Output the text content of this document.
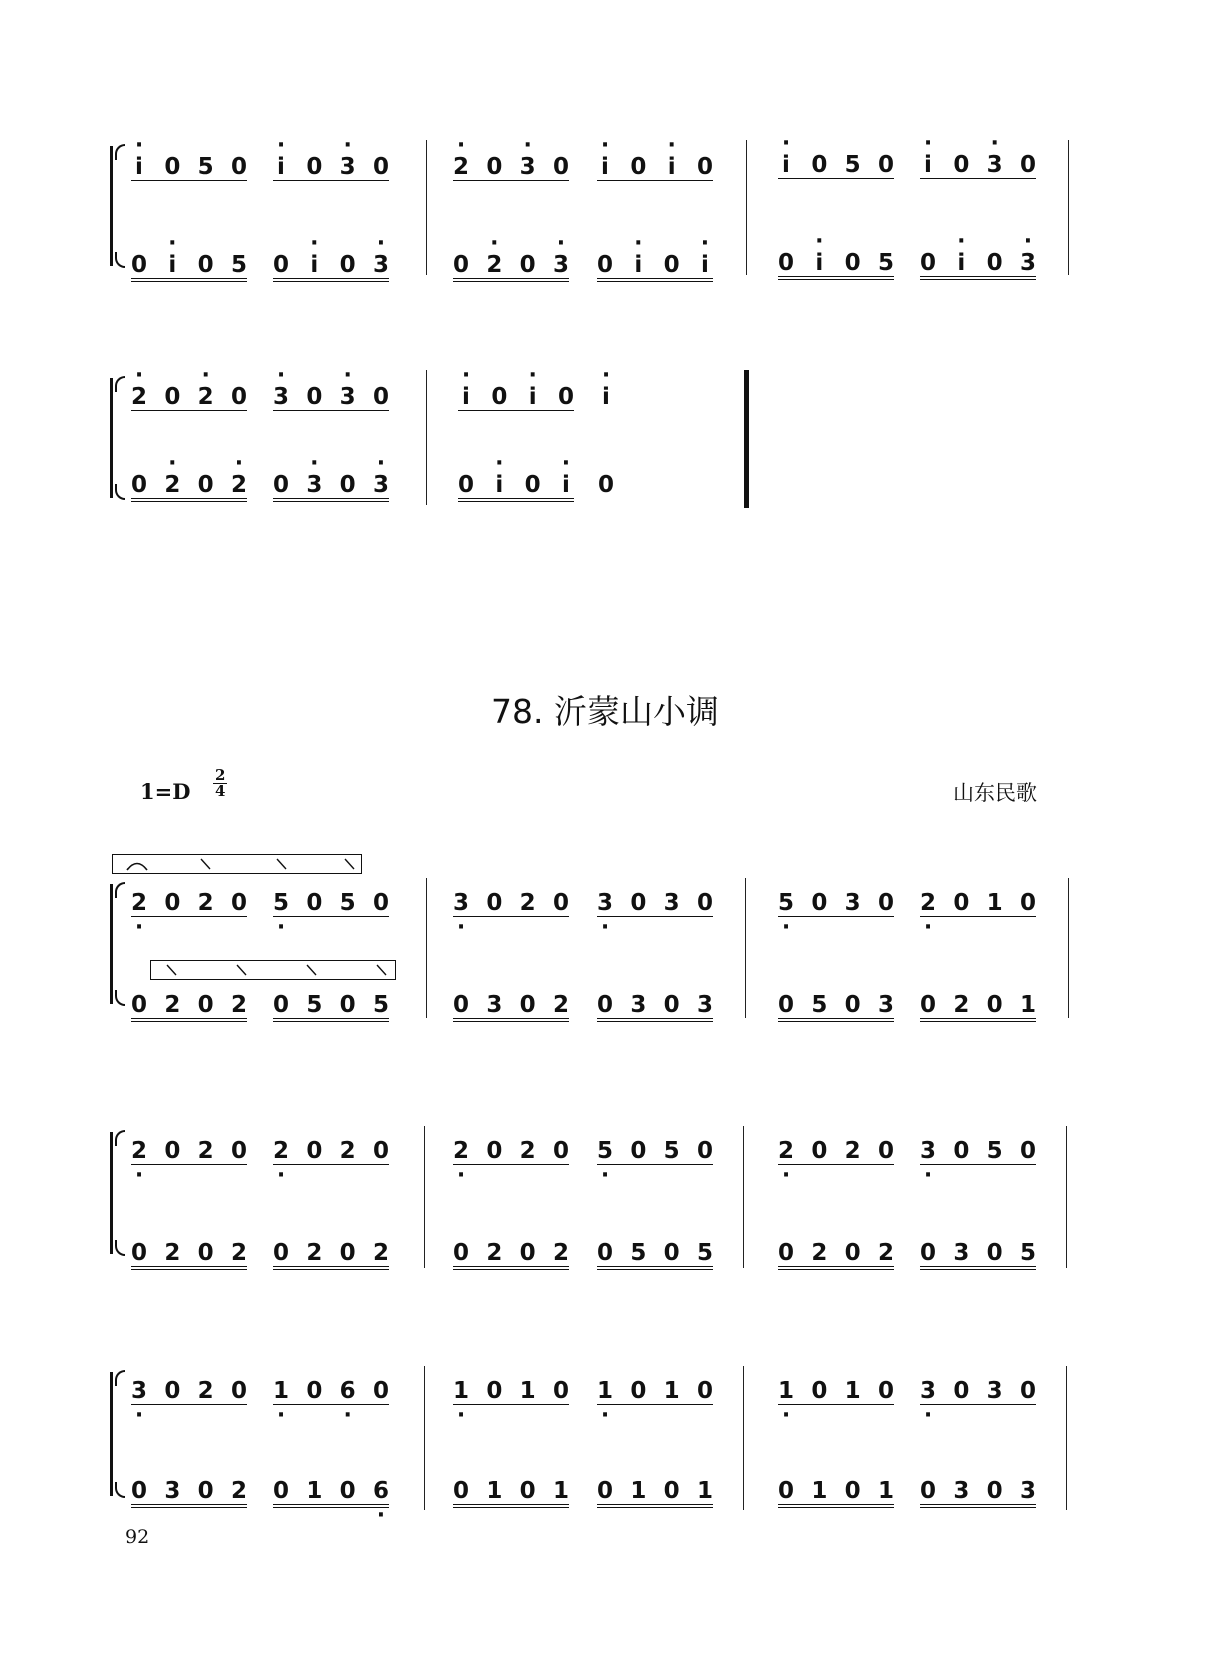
· i 0 5 0 · i 0 · 3 0	· 2 0 · 3 0 · i 0 · i 0	· i 0 5 0 · i 0 · 3 0
0 · i 0 5 0 · i 0 · 3	0 · 2 0 · 3 0 · i 0 · i	0 · i 0 5 0 · i 0 · 3
· 2 0 · 2 0 · 3 0 · 3 0	· i 0 · i 0 · i
0 · 2 0 · 2 0 · 3 0 · 3	0 · i 0 · i 0
78. 沂蒙山小调
$1=D \frac{2}{4}$	山东民歌
2 · 0 2 0 5 · 0 5 0	3 · 0 2 0 3 · 0 3 0	5 · 0 3 0 2 · 0 1 0
0 2 0 2 0 5 0 5	0 3 0 2 0 3 0 3	0 5 0 3 0 2 0 1
2 · 0 2 0 2 · 0 2 0	2 · 0 2 0 5 · 0 5 0	2 · 0 2 0 3 · 0 5 0
0 2 0 2 0 2 0 2	0 2 0 2 0 5 0 5	0 2 0 2 0 3 0 5
3 · 0 2 0 1 · 0 6 · 0	1 · 0 1 0 1 · 0 1 0	1 · 0 1 0 3 · 0 3 0
0 3 0 2 0 1 0 6 ·	0 1 0 1 0 1 0 1	0 1 0 1 0 3 0 3
92
